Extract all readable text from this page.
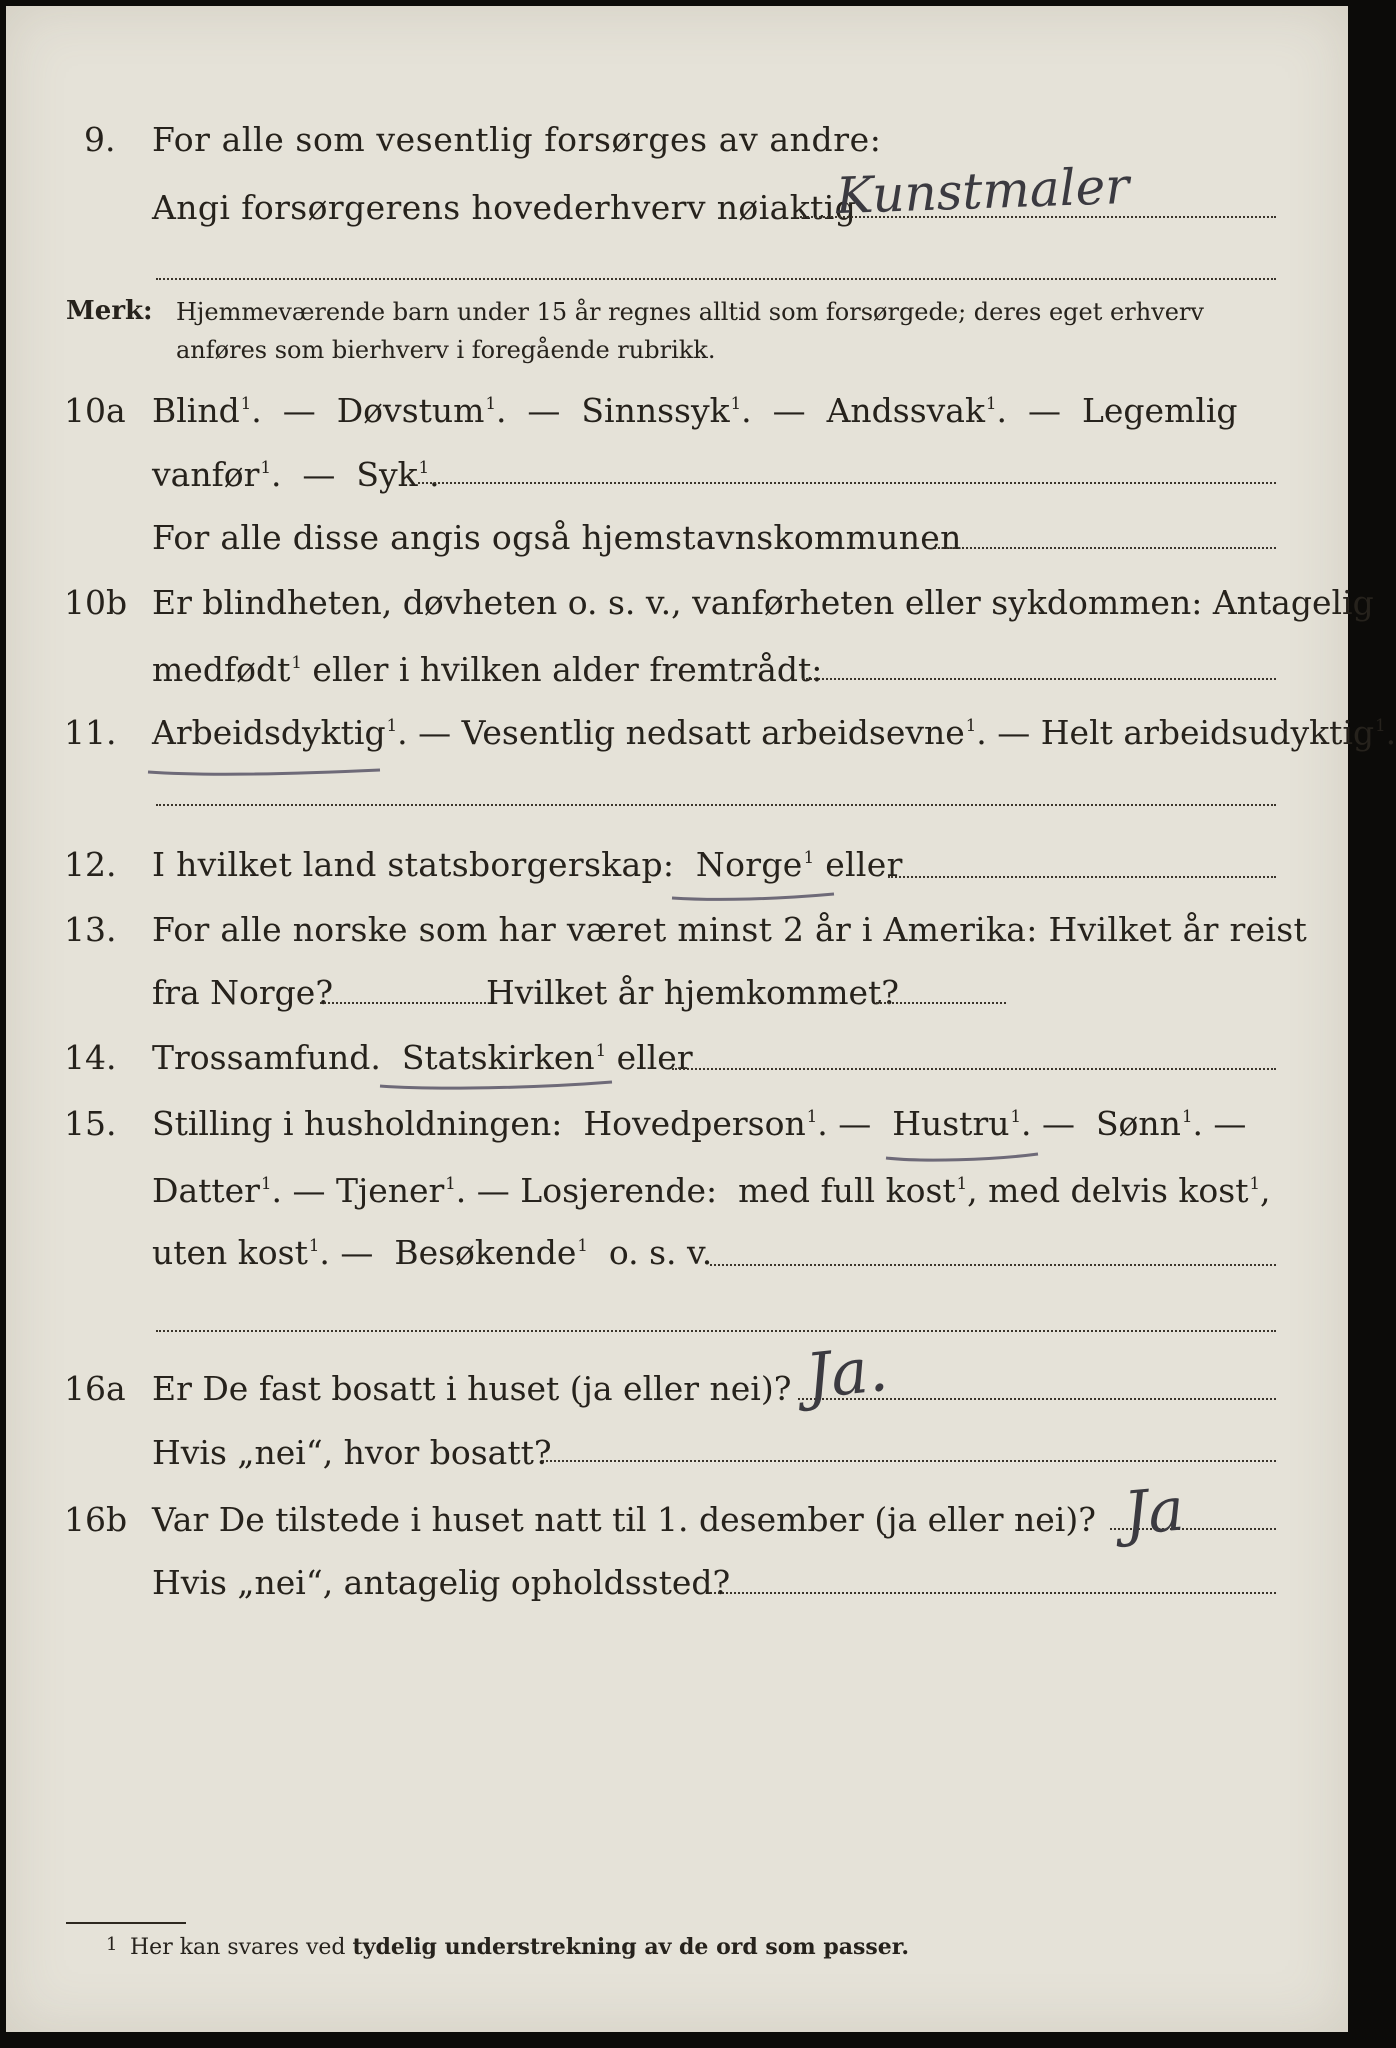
9. For alle som vesentlig forsørges av andre:
Angi forsørgerens hovederhverv nøiaktig
Kunstmaler
Merk: Hjemmeværende barn under 15 år regnes alltid som forsørgede; deres eget erhverv
anføres som bierhverv i foregående rubrikk.
10a Blind$^1$.  — Døvstum$^1$.  — Sinnssyk$^1$.  — Andssvak$^1$.  — Legemlig
vanfør$^1$.  — Syk$^1$.
For alle disse angis også hjemstavnskommunen
10b Er blindheten, døvheten o. s. v., vanførheten eller sykdommen: Antagelig
medfødt$^1$ eller i hvilken alder fremtrådt:
11. Arbeidsdyktig$^1$. — Vesentlig nedsatt arbeidsevne$^1$. — Helt arbeidsudyktig$^1$.
12. I hvilket land statsborgerskap: Norge$^1$ eller
13. For alle norske som har været minst 2 år i Amerika: Hvilket år reist
fra Norge?	Hvilket år hjemkommet?
14. Trossamfund. Statskirken$^1$ eller
15. Stilling i husholdningen: Hovedperson$^1$. — Hustru$^1$. — Sønn$^1$. —
Datter$^1$. — Tjener$^1$. — Losjerende: med full kost$^1$, med delvis kost$^1$,
uten kost$^1$. — Besøkende$^1$ o. s. v.
16a Er De fast bosatt i huset (ja eller nei)? Ja.
Hvis „nei“, hvor bosatt?
16b Var De tilstede i huset natt til 1. desember (ja eller nei)? Ja
Hvis „nei“, antagelig opholdssted?
1 Her kan svares ved tydelig understrekning av de ord som passer.
